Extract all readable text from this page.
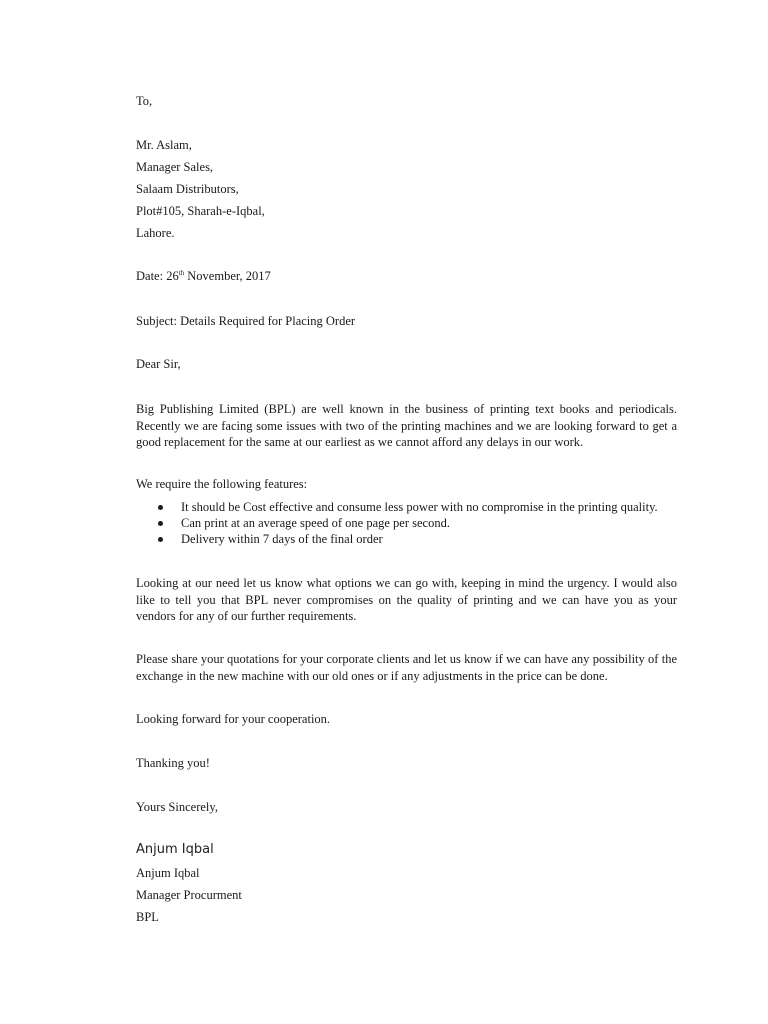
To,
Mr. Aslam,
Manager Sales,
Salaam Distributors,
Plot#105, Sharah-e-Iqbal,
Lahore.
Date: 26th November, 2017
Subject: Details Required for Placing Order
Dear Sir,
Big Publishing Limited (BPL) are well known in the business of printing text books and periodicals.
Recently we are facing some issues with two of the printing machines and we are looking forward to get a
good replacement for the same at our earliest as we cannot afford any delays in our work.
We require the following features:
It should be Cost effective and consume less power with no compromise in the printing quality.
Can print at an average speed of one page per second.
Delivery within 7 days of the final order
Looking at our need let us know what options we can go with, keeping in mind the urgency. I would also
like to tell you that BPL never compromises on the quality of printing and we can have you as your
vendors for any of our further requirements.
Please share your quotations for your corporate clients and let us know if we can have any possibility of the
exchange in the new machine with our old ones or if any adjustments in the price can be done.
Looking forward for your cooperation.
Thanking you!
Yours Sincerely,
Anjum Iqbal
Anjum Iqbal
Manager Procurment
BPL
